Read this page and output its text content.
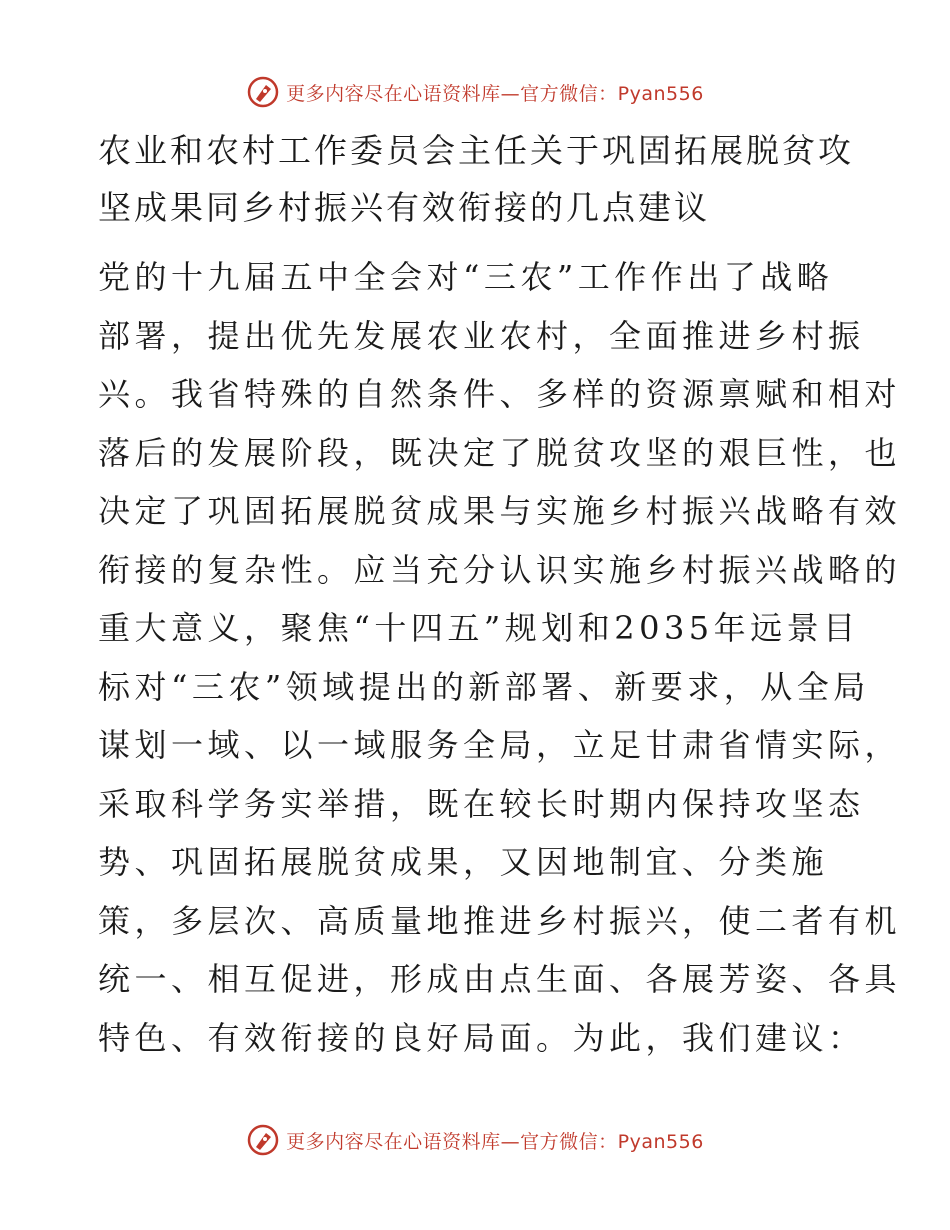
更多内容尽在心语资料库—官方微信：Pyan556
农业和农村工作委员会主任关于巩固拓展脱贫攻
坚成果同乡村振兴有效衔接的几点建议
党的十九届五中全会对“三农”工作作出了战略
部署，提出优先发展农业农村，全面推进乡村振
兴。我省特殊的自然条件、多样的资源禀赋和相对
落后的发展阶段，既决定了脱贫攻坚的艰巨性，也
决定了巩固拓展脱贫成果与实施乡村振兴战略有效
衔接的复杂性。应当充分认识实施乡村振兴战略的
重大意义，聚焦“十四五”规划和2035年远景目
标对“三农”领域提出的新部署、新要求，从全局
谋划一域、以一域服务全局，立足甘肃省情实际，
采取科学务实举措，既在较长时期内保持攻坚态
势、巩固拓展脱贫成果，又因地制宜、分类施
策，多层次、高质量地推进乡村振兴，使二者有机
统一、相互促进，形成由点生面、各展芳姿、各具
特色、有效衔接的良好局面。为此，我们建议：
更多内容尽在心语资料库—官方微信：Pyan556
